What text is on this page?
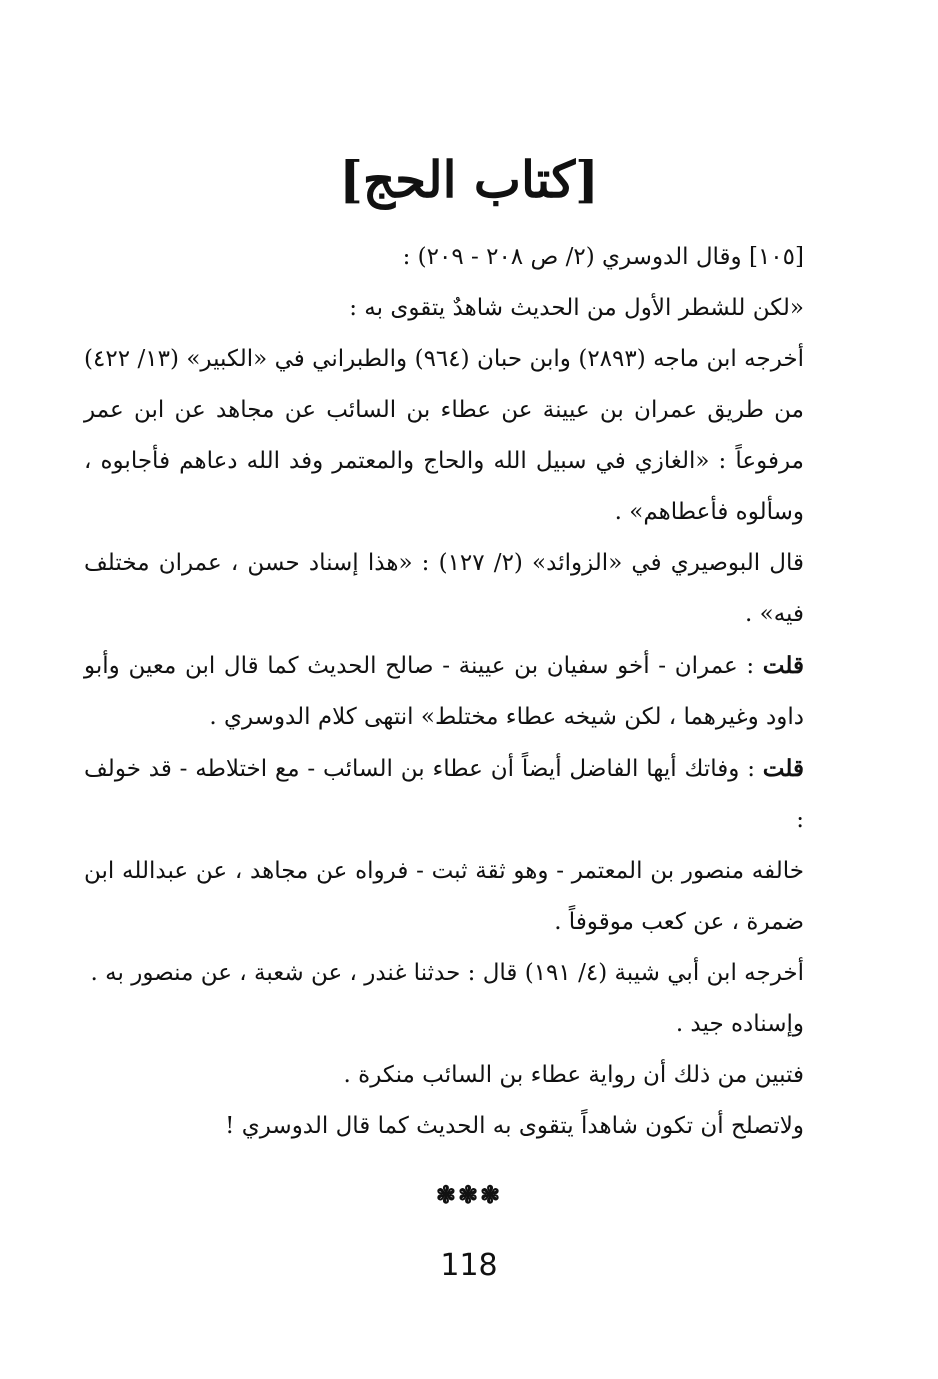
[كتاب الحج]

[١٠٥] وقال الدوسري (٢/ ص ٢٠٨ - ٢٠٩) :

«لكن للشطر الأول من الحديث شاهدٌ يتقوى به :

أخرجه ابن ماجه (٢٨٩٣) وابن حبان (٩٦٤) والطبراني في «الكبير» (١٣/ ٤٢٢) من طريق عمران بن عيينة عن عطاء بن السائب عن مجاهد عن ابن عمر مرفوعاً : «الغازي في سبيل الله والحاج والمعتمر وفد الله دعاهم فأجابوه ، وسألوه فأعطاهم» .

قال البوصيري في «الزوائد» (٢/ ١٢٧) : «هذا إسناد حسن ، عمران مختلف فيه» .

قلت : عمران - أخو سفيان بن عيينة - صالح الحديث كما قال ابن معين وأبو داود وغيرهما ، لكن شيخه عطاء مختلط» انتهى كلام الدوسري .

قلت : وفاتك أيها الفاضل أيضاً أن عطاء بن السائب - مع اختلاطه - قد خولف :

خالفه منصور بن المعتمر - وهو ثقة ثبت - فرواه عن مجاهد ، عن عبدالله ابن ضمرة ، عن كعب موقوفاً .

أخرجه ابن أبي شيبة (٤/ ١٩١) قال : حدثنا غندر ، عن شعبة ، عن منصور به .

وإسناده جيد .

فتبين من ذلك أن رواية عطاء بن السائب منكرة .

ولاتصلح أن تكون شاهداً يتقوى به الحديث كما قال الدوسري !

❃❃❃
118
